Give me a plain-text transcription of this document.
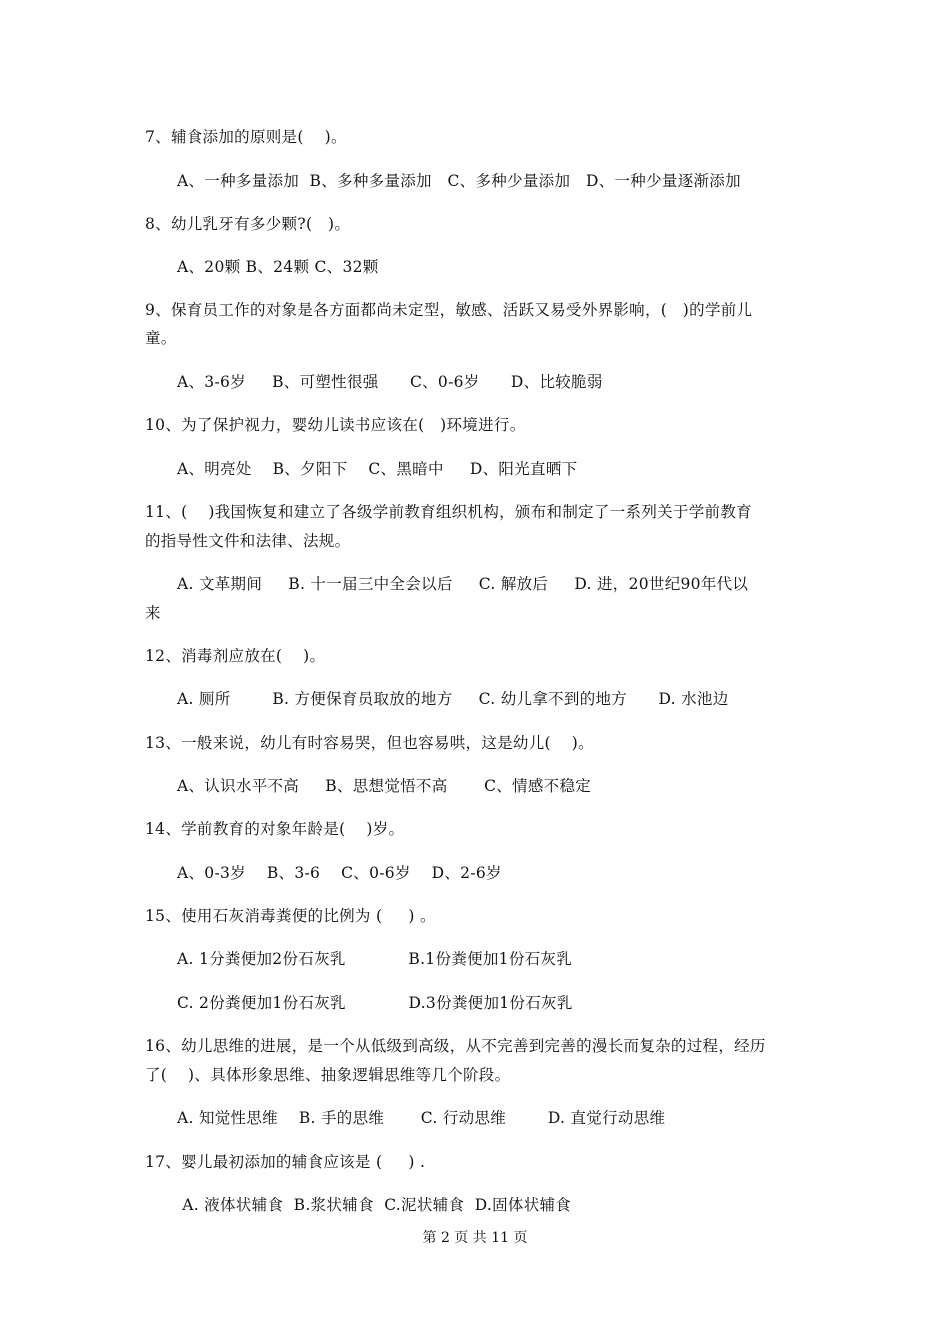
7、辅食添加的原则是(    )。
A、一种多量添加  B、多种多量添加   C、多种少量添加   D、一种少量逐渐添加
8、幼儿乳牙有多少颗?(   )。
A、20颗 B、24颗 C、32颗
9、保育员工作的对象是各方面都尚未定型，敏感、活跃又易受外界影响，(   )的学前儿
童。
A、3-6岁     B、可塑性很强      C、0-6岁      D、比较脆弱
10、为了保护视力，婴幼儿读书应该在(   )环境进行。
A、明亮处    B、夕阳下    C、黑暗中     D、阳光直晒下
11、(    )我国恢复和建立了各级学前教育组织机构，颁布和制定了一系列关于学前教育
的指导性文件和法律、法规。
A. 文革期间     B. 十一届三中全会以后     C. 解放后     D. 进，20世纪90年代以
来
12、消毒剂应放在(    )。
A. 厕所        B. 方便保育员取放的地方     C. 幼儿拿不到的地方      D. 水池边
13、一般来说，幼儿有时容易哭，但也容易哄，这是幼儿(    )。
A、认识水平不高     B、思想觉悟不高       C、情感不稳定
14、学前教育的对象年龄是(    )岁。
A、0-3岁    B、3-6    C、0-6岁    D、2-6岁
15、使用石灰消毒粪便的比例为 (     ) 。
A. 1分粪便加2份石灰乳            B.1份粪便加1份石灰乳
C. 2份粪便加1份石灰乳            D.3份粪便加1份石灰乳
16、幼儿思维的进展，是一个从低级到高级，从不完善到完善的漫长而复杂的过程，经历
了(    )、具体形象思维、抽象逻辑思维等几个阶段。
A. 知觉性思维    B. 手的思维       C. 行动思维        D. 直觉行动思维
17、婴儿最初添加的辅食应该是 (     ) .
A. 液体状辅食  B.浆状辅食  C.泥状辅食  D.固体状辅食
第 2 页 共 11 页
